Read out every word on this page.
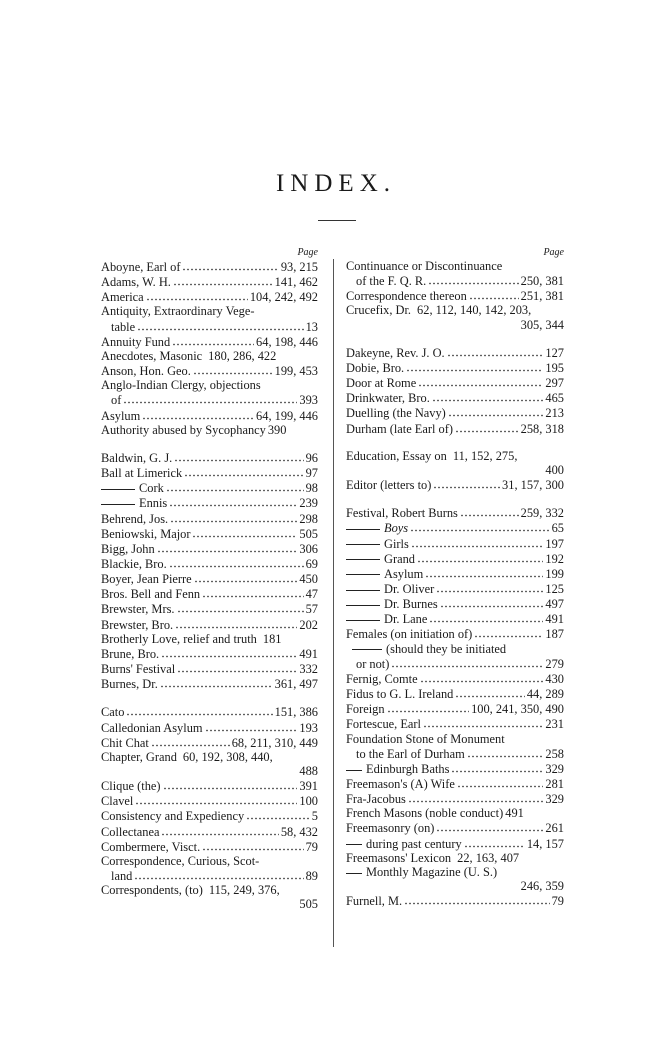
INDEX.
Page
Aboyne, Earl of	93, 215
Adams, W. H.	141, 462
America	104, 242, 492
Antiquity, Extraordinary Vege-
table	13
Annuity Fund	64, 198, 446
Anecdotes, Masonic 180, 286, 422
Anson, Hon. Geo.	199, 453
Anglo-Indian Clergy, objections
of	393
Asylum	64, 199, 446
Authority abused by Sycophancy 390
Baldwin, G. J.	96
Ball at Limerick	97
Cork	98
Ennis	239
Behrend, Jos.	298
Beniowski, Major	505
Bigg, John	306
Blackie, Bro.	69
Boyer, Jean Pierre	450
Bros. Bell and Fenn	47
Brewster, Mrs.	57
Brewster, Bro.	202
Brotherly Love, relief and truth 181
Brune, Bro.	491
Burns' Festival	332
Burnes, Dr.	361, 497
Cato	151, 386
Calledonian Asylum	193
Chit Chat	68, 211, 310, 449
Chapter, Grand 60, 192, 308, 440,
488
Clique (the)	391
Clavel	100
Consistency and Expediency	5
Collectanea	58, 432
Combermere, Visct.	79
Correspondence, Curious, Scot-
land	89
Correspondents, (to) 115, 249, 376,
505
Page
Continuance or Discontinuance
of the F. Q. R.	250, 381
Correspondence thereon	251, 381
Crucefix, Dr. 62, 112, 140, 142, 203,
305, 344
Dakeyne, Rev. J. O.	127
Dobie, Bro.	195
Door at Rome	297
Drinkwater, Bro.	465
Duelling (the Navy)	213
Durham (late Earl of)	258, 318
Education, Essay on 11, 152, 275,
400
Editor (letters to)	31, 157, 300
Festival, Robert Burns	259, 332
Boys	65
Girls	197
Grand	192
Asylum	199
Dr. Oliver	125
Dr. Burnes	497
Dr. Lane	491
Females (on initiation of)	187
(should they be initiated
or not)	279
Fernig, Comte	430
Fidus to G. L. Ireland	44, 289
Foreign	100, 241, 350, 490
Fortescue, Earl	231
Foundation Stone of Monument
to the Earl of Durham	258
Edinburgh Baths	329
Freemason's (A) Wife	281
Fra-Jacobus	329
French Masons (noble conduct) 491
Freemasonry (on)	261
during past century	14, 157
Freemasons' Lexicon 22, 163, 407
Monthly Magazine (U. S.)
246, 359
Furnell, M.	79
